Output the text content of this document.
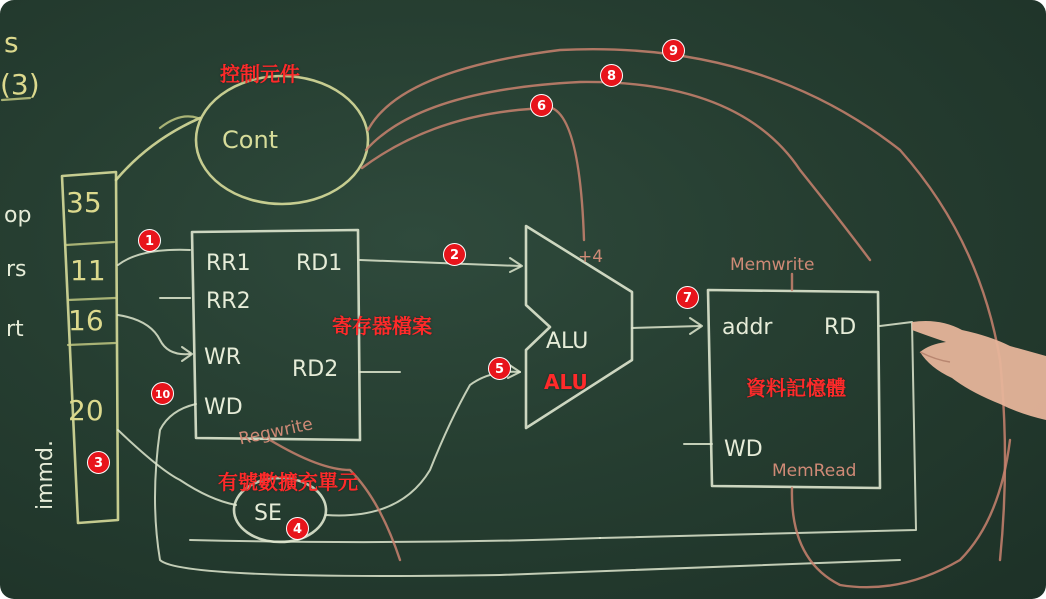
35
11
16
20
op
rs
rt
immd.
s
(3)
Cont
RR1
RR2
WR
WD
RD1
RD2
Regwrite
ALU
+4
addr RD
WD
Memwrite
MemRead
SE
控制元件
寄存器檔案
ALU	資料記憶體
有號數擴充單元
1
2
3
4
5
6
7
8
9
10
